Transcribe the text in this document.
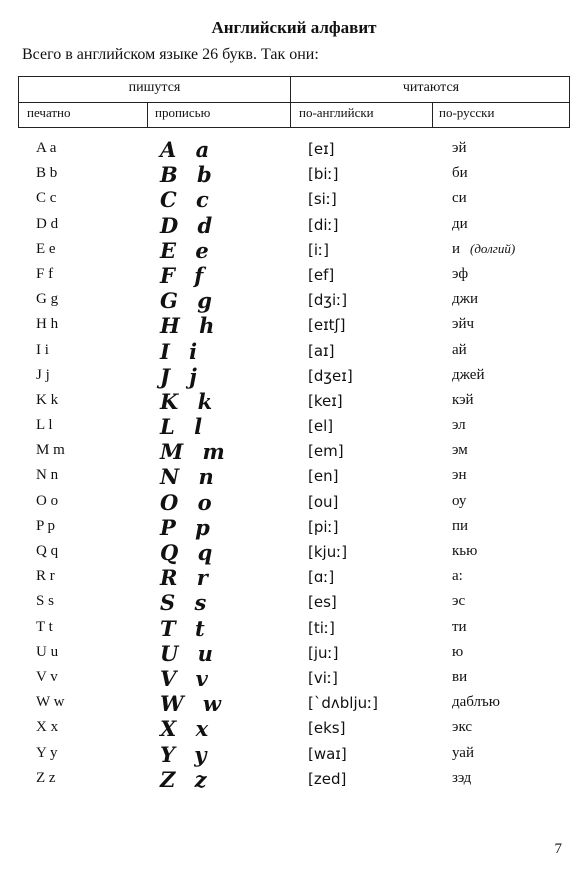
Английский алфавит
Всего в английском языке 26 букв. Так они:
пишутся	читаются
печатно	прописью	по-английски	по-русски
A a	A a	[eɪ]	эй
B b	B b	[biː]	би
C c	C c	[siː]	си
D d	D d	[diː]	ди
E e	E e	[iː]	и (долгий)
F f	F f	[ef]	эф
G g	G g	[dʒiː]	джи
H h	H h	[eɪtʃ]	эйч
I i	I i	[aɪ]	ай
J j	J j	[dʒeɪ]	джей
K k	K k	[keɪ]	кэй
L l	L l	[el]	эл
M m	M m	[em]	эм
N n	N n	[en]	эн
O o	O o	[ou]	оу
P p	P p	[piː]	пи
Q q	Q q	[kjuː]	кью
R r	R r	[ɑː]	а:
S s	S s	[es]	эс
T t	T t	[tiː]	ти
U u	U u	[juː]	ю
V v	V v	[viː]	ви
W w	W w	[`dʌbljuː]	даблъю
X x	X x	[eks]	экс
Y y	Y y	[waɪ]	уай
Z z	Z z	[zed]	зэд
7
